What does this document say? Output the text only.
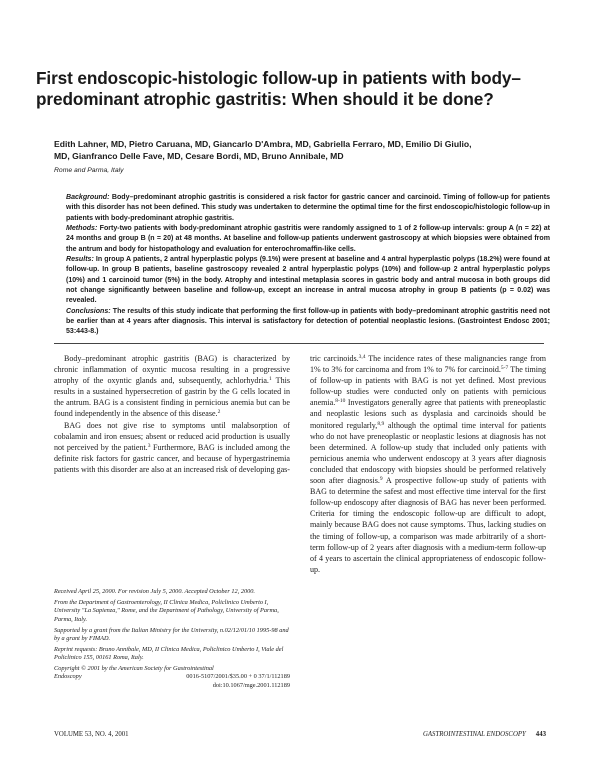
First endoscopic-histologic follow-up in patients with body–predominant atrophic gastritis: When should it be done?
Edith Lahner, MD, Pietro Caruana, MD, Giancarlo D'Ambra, MD, Gabriella Ferraro, MD, Emilio Di Giulio,
MD, Gianfranco Delle Fave, MD, Cesare Bordi, MD, Bruno Annibale, MD
Rome and Parma, Italy

Background: Body–predominant atrophic gastritis is considered a risk factor for gastric cancer and carcinoid. Timing of follow-up for patients with this disorder has not been defined. This study was undertaken to determine the optimal time for the first endoscopic/histologic follow-up in patients with body-predominant atrophic gastritis.

Methods: Forty-two patients with body-predominant atrophic gastritis were randomly assigned to 1 of 2 follow-up intervals: group A (n = 22) at 24 months and group B (n = 20) at 48 months. At baseline and follow-up patients underwent gastroscopy at which biopsies were obtained from the antrum and body for histopathology and evaluation for enterochromaffin-like cells.

Results: In group A patients, 2 antral hyperplastic polyps (9.1%) were present at baseline and 4 antral hyperplastic polyps (18.2%) were found at follow-up. In group B patients, baseline gastroscopy revealed 2 antral hyperplastic polyps (10%) and follow-up 2 antral hyperplastic polyps (10%) and 1 carcinoid tumor (5%) in the body. Atrophy and intestinal metaplasia scores in gastric body and antral mucosa in both groups did not change significantly between baseline and follow-up, except an increase in antral mucosa atrophy in group B patients (p = 0.02) was revealed.

Conclusions: The results of this study indicate that performing the first follow-up in patients with body–predominant atrophic gastritis need not be earlier than at 4 years after diagnosis. This interval is satisfactory for detection of potential neoplastic lesions. (Gastrointest Endosc 2001; 53:443-8.)

Body–predominant atrophic gastritis (BAG) is characterized by chronic inflammation of oxyntic mucosa resulting in a progressive atrophy of the oxyntic glands and, subsequently, achlorhydria.$^1$ This results in a sustained hypersecretion of gastrin by the G cells located in the antrum. BAG is a consistent finding in pernicious anemia but can be found independently in the absence of this disease.$^2$

BAG does not give rise to symptoms until malabsorption of cobalamin and iron ensues; absent or reduced acid production is usually not perceived by the patient.$^3$ Furthermore, BAG is included among the definite risk factors for gastric cancer, and because of hypergastrinemia patients with this disorder are also at an increased risk of developing gas-

Received April 25, 2000. For revision July 5, 2000. Accepted October 12, 2000.

From the Department of Gastroenterology, II Clinica Medica, Policlinico Umberto I, University "La Sapienza," Rome, and the Department of Pathology, University of Parma, Parma, Italy.

Supported by a grant from the Italian Ministry for the University, n.02/12/01/10 1995-98 and by a grant by FIMAD.

Reprint requests: Bruno Annibale, MD, II Clinica Medica, Policlinico Umberto I, Viale del Policlinico 155, 00161 Roma, Italy.

Copyright © 2001 by the American Society for Gastrointestinal
Endoscopy	0016-5107/2001/$35.00 + 0 37/1/112189
doi:10.1067/mge.2001.112189

tric carcinoids.$^{3,4}$ The incidence rates of these malignancies range from 1% to 3% for carcinoma and from 1% to 7% for carcinoid.$^{5-7}$ The timing of follow-up in patients with BAG is not yet defined. Most previous follow-up studies were conducted only on patients with pernicious anemia.$^{8-10}$ Investigators generally agree that patients with preneoplastic and neoplastic lesions such as dysplasia and carcinoids should be monitored regularly,$^{8,9}$ although the optimal time interval for patients who do not have preneoplastic or neoplastic lesions at diagnosis has not been determined. A follow-up study that included only patients with pernicious anemia who underwent endoscopy at 3 years after diagnosis concluded that endoscopy with biopsies should be performed relatively soon after diagnosis.$^9$ A prospective follow-up study of patients with BAG to determine the safest and most effective time interval for the first follow-up endoscopy after diagnosis of BAG has never been performed. Criteria for timing the endoscopic follow-up are difficult to adopt, mainly because BAG does not cause symptoms. Thus, lacking studies on the timing of follow-up, a comparison was made arbitrarily of a short-term follow-up of 2 years after diagnosis with a medium-term follow-up of 4 years to ascertain the clinical appropriateness of endoscopic follow-up.

VOLUME 53, NO. 4, 2001	GASTROINTESTINAL ENDOSCOPY 443
